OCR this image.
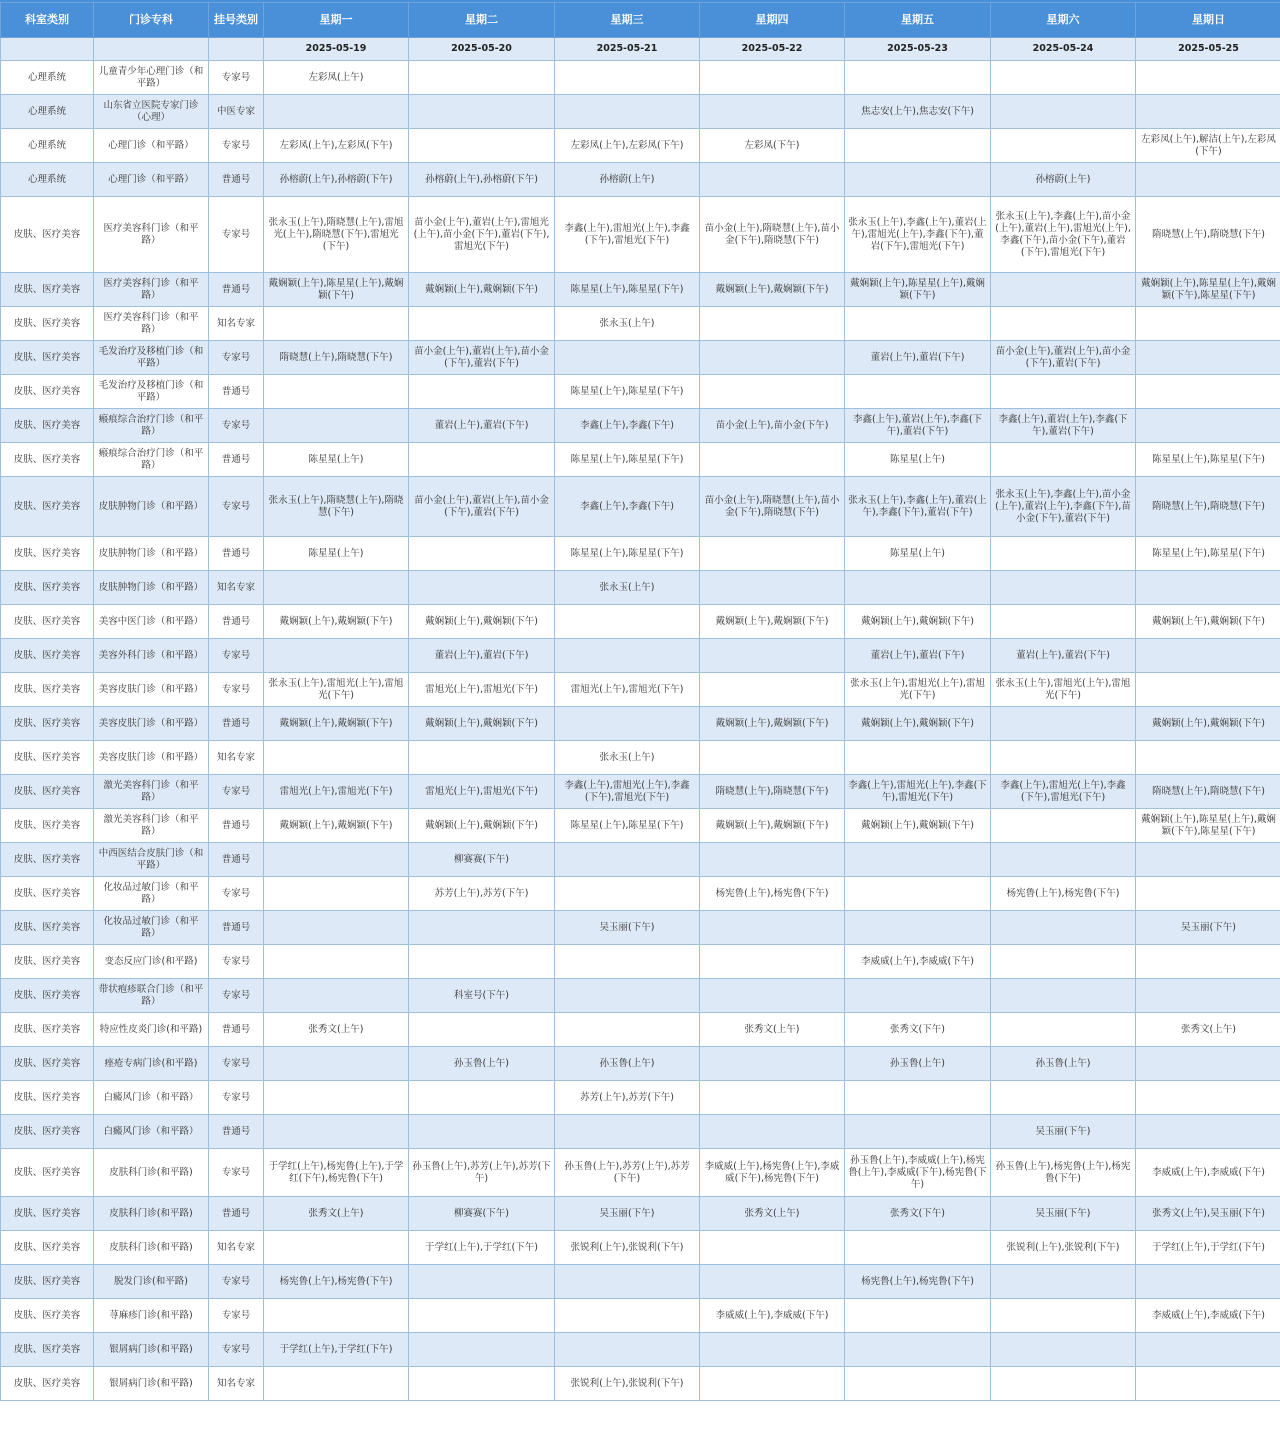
科室类别	门诊专科	挂号类别	星期一	星期二	星期三	星期四	星期五	星期六	星期日
			2025-05-19	2025-05-20	2025-05-21	2025-05-22	2025-05-23	2025-05-24	2025-05-25
心理系统	儿童青少年心理门诊（和平路）	专家号	左彩凤(上午)						
心理系统	山东省立医院专家门诊（心理）	中医专家					焦志安(上午),焦志安(下午)		
心理系统	心理门诊（和平路）	专家号	左彩凤(上午),左彩凤(下午)		左彩凤(上午),左彩凤(下午)	左彩凤(下午)			左彩凤(上午),解洁(上午),左彩凤(下午)
心理系统	心理门诊（和平路）	普通号	孙榕蔚(上午),孙榕蔚(下午)	孙榕蔚(上午),孙榕蔚(下午)	孙榕蔚(上午)			孙榕蔚(上午)	
皮肤、医疗美容	医疗美容科门诊（和平路）	专家号	张永玉(上午),隋晓慧(上午),雷旭光(上午),隋晓慧(下午),雷旭光(下午)	苗小金(上午),董岩(上午),雷旭光(上午),苗小金(下午),董岩(下午),雷旭光(下午)	李鑫(上午),雷旭光(上午),李鑫(下午),雷旭光(下午)	苗小金(上午),隋晓慧(上午),苗小金(下午),隋晓慧(下午)	张永玉(上午),李鑫(上午),董岩(上午),雷旭光(上午),李鑫(下午),董岩(下午),雷旭光(下午)	张永玉(上午),李鑫(上午),苗小金(上午),董岩(上午),雷旭光(上午),李鑫(下午),苗小金(下午),董岩(下午),雷旭光(下午)	隋晓慧(上午),隋晓慧(下午)
皮肤、医疗美容	医疗美容科门诊（和平路）	普通号	戴娴颖(上午),陈星星(上午),戴娴颖(下午)	戴娴颖(上午),戴娴颖(下午)	陈星星(上午),陈星星(下午)	戴娴颖(上午),戴娴颖(下午)	戴娴颖(上午),陈星星(上午),戴娴颖(下午)		戴娴颖(上午),陈星星(上午),戴娴颖(下午),陈星星(下午)
皮肤、医疗美容	医疗美容科门诊（和平路）	知名专家			张永玉(上午)				
皮肤、医疗美容	毛发治疗及移植门诊（和平路）	专家号	隋晓慧(上午),隋晓慧(下午)	苗小金(上午),董岩(上午),苗小金(下午),董岩(下午)			董岩(上午),董岩(下午)	苗小金(上午),董岩(上午),苗小金(下午),董岩(下午)	
皮肤、医疗美容	毛发治疗及移植门诊（和平路）	普通号			陈星星(上午),陈星星(下午)				
皮肤、医疗美容	瘢痕综合治疗门诊（和平路）	专家号		董岩(上午),董岩(下午)	李鑫(上午),李鑫(下午)	苗小金(上午),苗小金(下午)	李鑫(上午),董岩(上午),李鑫(下午),董岩(下午)	李鑫(上午),董岩(上午),李鑫(下午),董岩(下午)	
皮肤、医疗美容	瘢痕综合治疗门诊（和平路）	普通号	陈星星(上午)		陈星星(上午),陈星星(下午)		陈星星(上午)		陈星星(上午),陈星星(下午)
皮肤、医疗美容	皮肤肿物门诊（和平路）	专家号	张永玉(上午),隋晓慧(上午),隋晓慧(下午)	苗小金(上午),董岩(上午),苗小金(下午),董岩(下午)	李鑫(上午),李鑫(下午)	苗小金(上午),隋晓慧(上午),苗小金(下午),隋晓慧(下午)	张永玉(上午),李鑫(上午),董岩(上午),李鑫(下午),董岩(下午)	张永玉(上午),李鑫(上午),苗小金(上午),董岩(上午),李鑫(下午),苗小金(下午),董岩(下午)	隋晓慧(上午),隋晓慧(下午)
皮肤、医疗美容	皮肤肿物门诊（和平路）	普通号	陈星星(上午)		陈星星(上午),陈星星(下午)		陈星星(上午)		陈星星(上午),陈星星(下午)
皮肤、医疗美容	皮肤肿物门诊（和平路）	知名专家			张永玉(上午)				
皮肤、医疗美容	美容中医门诊（和平路）	普通号	戴娴颖(上午),戴娴颖(下午)	戴娴颖(上午),戴娴颖(下午)		戴娴颖(上午),戴娴颖(下午)	戴娴颖(上午),戴娴颖(下午)		戴娴颖(上午),戴娴颖(下午)
皮肤、医疗美容	美容外科门诊（和平路）	专家号		董岩(上午),董岩(下午)			董岩(上午),董岩(下午)	董岩(上午),董岩(下午)	
皮肤、医疗美容	美容皮肤门诊（和平路）	专家号	张永玉(上午),雷旭光(上午),雷旭光(下午)	雷旭光(上午),雷旭光(下午)	雷旭光(上午),雷旭光(下午)		张永玉(上午),雷旭光(上午),雷旭光(下午)	张永玉(上午),雷旭光(上午),雷旭光(下午)	
皮肤、医疗美容	美容皮肤门诊（和平路）	普通号	戴娴颖(上午),戴娴颖(下午)	戴娴颖(上午),戴娴颖(下午)		戴娴颖(上午),戴娴颖(下午)	戴娴颖(上午),戴娴颖(下午)		戴娴颖(上午),戴娴颖(下午)
皮肤、医疗美容	美容皮肤门诊（和平路）	知名专家			张永玉(上午)				
皮肤、医疗美容	激光美容科门诊（和平路）	专家号	雷旭光(上午),雷旭光(下午)	雷旭光(上午),雷旭光(下午)	李鑫(上午),雷旭光(上午),李鑫(下午),雷旭光(下午)	隋晓慧(上午),隋晓慧(下午)	李鑫(上午),雷旭光(上午),李鑫(下午),雷旭光(下午)	李鑫(上午),雷旭光(上午),李鑫(下午),雷旭光(下午)	隋晓慧(上午),隋晓慧(下午)
皮肤、医疗美容	激光美容科门诊（和平路）	普通号	戴娴颖(上午),戴娴颖(下午)	戴娴颖(上午),戴娴颖(下午)	陈星星(上午),陈星星(下午)	戴娴颖(上午),戴娴颖(下午)	戴娴颖(上午),戴娴颖(下午)		戴娴颖(上午),陈星星(上午),戴娴颖(下午),陈星星(下午)
皮肤、医疗美容	中西医结合皮肤门诊（和平路）	普通号		柳赛赛(下午)					
皮肤、医疗美容	化妆品过敏门诊（和平路）	专家号		苏芳(上午),苏芳(下午)		杨宪鲁(上午),杨宪鲁(下午)		杨宪鲁(上午),杨宪鲁(下午)	
皮肤、医疗美容	化妆品过敏门诊（和平路）	普通号			吴玉丽(下午)				吴玉丽(下午)
皮肤、医疗美容	变态反应门诊(和平路)	专家号					李威威(上午),李威威(下午)		
皮肤、医疗美容	带状疱疹联合门诊（和平路）	专家号		科室号(下午)					
皮肤、医疗美容	特应性皮炎门诊(和平路)	普通号	张秀文(上午)			张秀文(上午)	张秀文(下午)		张秀文(上午)
皮肤、医疗美容	痤疮专病门诊(和平路)	专家号		孙玉鲁(上午)	孙玉鲁(上午)		孙玉鲁(上午)	孙玉鲁(上午)	
皮肤、医疗美容	白癜风门诊（和平路）	专家号			苏芳(上午),苏芳(下午)				
皮肤、医疗美容	白癜风门诊（和平路）	普通号						吴玉丽(下午)	
皮肤、医疗美容	皮肤科门诊(和平路)	专家号	于学红(上午),杨宪鲁(上午),于学红(下午),杨宪鲁(下午)	孙玉鲁(上午),苏芳(上午),苏芳(下午)	孙玉鲁(上午),苏芳(上午),苏芳(下午)	李威威(上午),杨宪鲁(上午),李威威(下午),杨宪鲁(下午)	孙玉鲁(上午),李威威(上午),杨宪鲁(上午),李威威(下午),杨宪鲁(下午)	孙玉鲁(上午),杨宪鲁(上午),杨宪鲁(下午)	李威威(上午),李威威(下午)
皮肤、医疗美容	皮肤科门诊(和平路)	普通号	张秀文(上午)	柳赛赛(下午)	吴玉丽(下午)	张秀文(上午)	张秀文(下午)	吴玉丽(下午)	张秀文(上午),吴玉丽(下午)
皮肤、医疗美容	皮肤科门诊(和平路)	知名专家		于学红(上午),于学红(下午)	张锐利(上午),张锐利(下午)			张锐利(上午),张锐利(下午)	于学红(上午),于学红(下午)
皮肤、医疗美容	脱发门诊(和平路)	专家号	杨宪鲁(上午),杨宪鲁(下午)				杨宪鲁(上午),杨宪鲁(下午)		
皮肤、医疗美容	荨麻疹门诊(和平路)	专家号				李威威(上午),李威威(下午)			李威威(上午),李威威(下午)
皮肤、医疗美容	银屑病门诊(和平路)	专家号	于学红(上午),于学红(下午)						
皮肤、医疗美容	银屑病门诊(和平路)	知名专家			张锐利(上午),张锐利(下午)				
